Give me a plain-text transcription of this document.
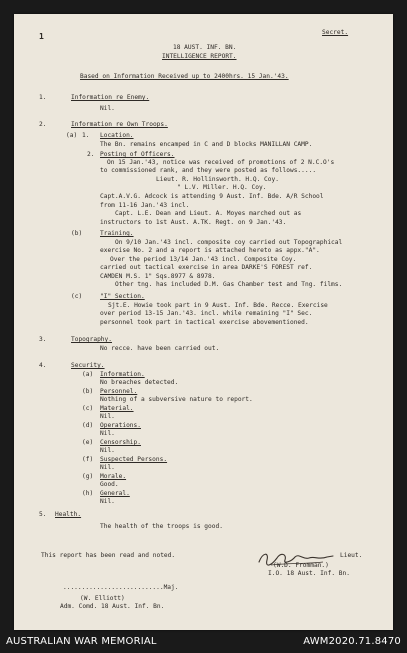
1	Secret.
18 AUST. INF. BN.
INTELLIGENCE REPORT.
Based on Information Received up to 2400hrs. 15 Jan.'43.
1.	Information re Enemy.
Nil.
2.	Information re Own Troops.
(a) 1. Location.
The Bn. remains encamped in C and D blocks MANILLAN CAMP.
2. Posting of Officers.
On 15 Jan.'43, notice was received of promotions of 2 N.C.O's
to commissioned rank, and they were posted as follows.....
Lieut. R. Hollinsworth. H.Q. Coy.
" L.V. Miller. H.Q. Coy.
Capt.A.V.G. Adcock is attending 9 Aust. Inf. Bde. A/R School
from 11-16 Jan.'43 incl.
Capt. L.E. Dean and Lieut. A. Moyes marched out as
instructors to 1st Aust. A.TK. Regt. on 9 Jan.'43.
(b)	Training.
On 9/10 Jan.'43 incl. composite coy carried out Topographical
exercise No. 2 and a report is attached hereto as appx."A".
Over the period 13/14 Jan.'43 incl. Composite Coy.
carried out tactical exercise in area DARKE'S FOREST ref.
CAMDEN M.S. 1" Sqs.8977 & 8978.
Other tng. has included D.M. Gas Chamber test and Tng. films.
(c)	"I" Section.
Sjt.E. Howie took part in 9 Aust. Inf. Bde. Recce. Exercise
over period 13-15 Jan.'43. incl. while remaining "I" Sec.
personnel took part in tactical exercise abovementioned.
3.	Topography.
No recce. have been carried out.
4.	Security.
(a) Information.
No breaches detected.
(b) Personnel.
Nothing of a subversive nature to report.
(c) Material.
Nil.
(d) Operations.
Nil.
(e) Censorship.
Nil.
(f) Suspected Persons.
Nil.
(g) Morale.
Good.
(h) General.
Nil.
5. Health.
The health of the troops is good.
This report has been read and noted.	Lieut.
(W.D. Fromman.)
I.O. 18 Aust. Inf. Bn.
...........................Maj.
(W. Elliott)
Adm. Comd. 18 Aust. Inf. Bn.
AUSTRALIAN WAR MEMORIAL	AWM2020.71.8470
